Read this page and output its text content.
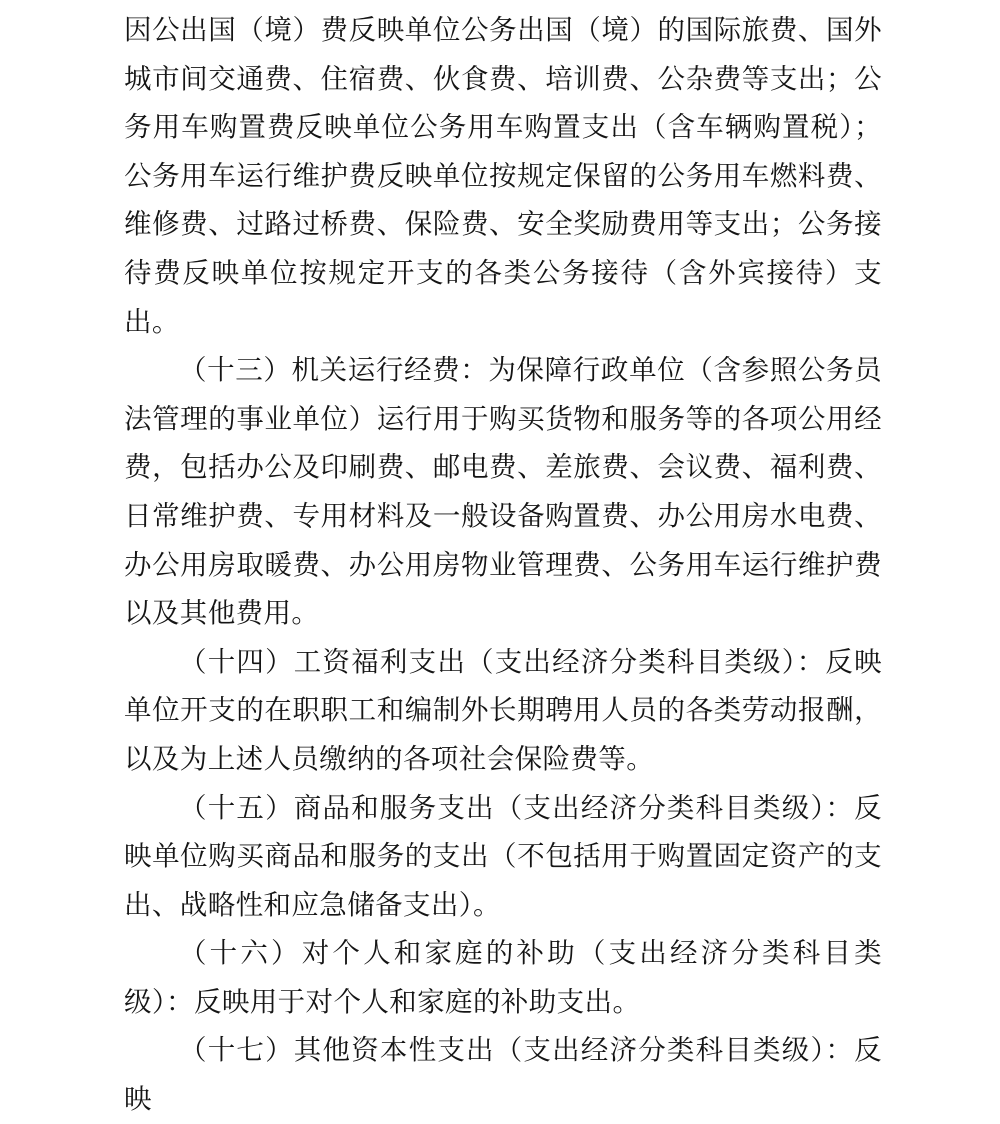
因公出国（境）费反映单位公务出国（境）的国际旅费、国外城市间交通费、住宿费、伙食费、培训费、公杂费等支出；公务用车购置费反映单位公务用车购置支出（含车辆购置税）；公务用车运行维护费反映单位按规定保留的公务用车燃料费、维修费、过路过桥费、保险费、安全奖励费用等支出；公务接待费反映单位按规定开支的各类公务接待（含外宾接待）支出。

（十三）机关运行经费：为保障行政单位（含参照公务员法管理的事业单位）运行用于购买货物和服务等的各项公用经费，包括办公及印刷费、邮电费、差旅费、会议费、福利费、日常维护费、专用材料及一般设备购置费、办公用房水电费、办公用房取暖费、办公用房物业管理费、公务用车运行维护费以及其他费用。

（十四）工资福利支出（支出经济分类科目类级）：反映单位开支的在职职工和编制外长期聘用人员的各类劳动报酬，以及为上述人员缴纳的各项社会保险费等。

（十五）商品和服务支出（支出经济分类科目类级）：反映单位购买商品和服务的支出（不包括用于购置固定资产的支出、战略性和应急储备支出）。

（十六）对个人和家庭的补助（支出经济分类科目类级）：反映用于对个人和家庭的补助支出。

（十七）其他资本性支出（支出经济分类科目类级）：反映
